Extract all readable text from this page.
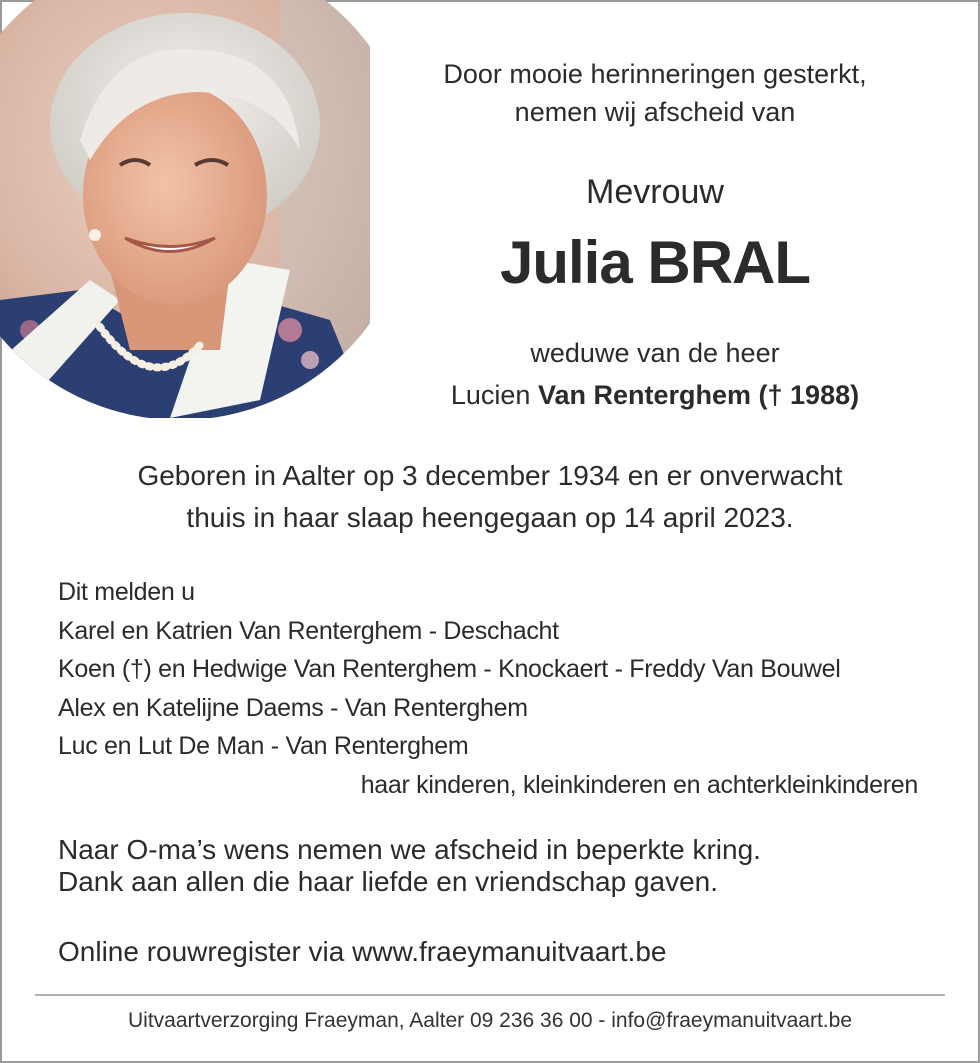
Door mooie herinneringen gesterkt,
nemen wij afscheid van
Mevrouw
Julia BRAL
weduwe van de heer
Lucien Van Renterghem († 1988)
Geboren in Aalter op 3 december 1934 en er onverwacht
thuis in haar slaap heengegaan op 14 april 2023.
Dit melden u
Karel en Katrien Van Renterghem - Deschacht
Koen (†) en Hedwige Van Renterghem - Knockaert - Freddy Van Bouwel
Alex en Katelijne Daems - Van Renterghem
Luc en Lut De Man - Van Renterghem
haar kinderen, kleinkinderen en achterkleinkinderen
Naar O-ma’s wens nemen we afscheid in beperkte kring.
Dank aan allen die haar liefde en vriendschap gaven.
Online rouwregister via www.fraeymanuitvaart.be
Uitvaartverzorging Fraeyman, Aalter 09 236 36 00 - info@fraeymanuitvaart.be
